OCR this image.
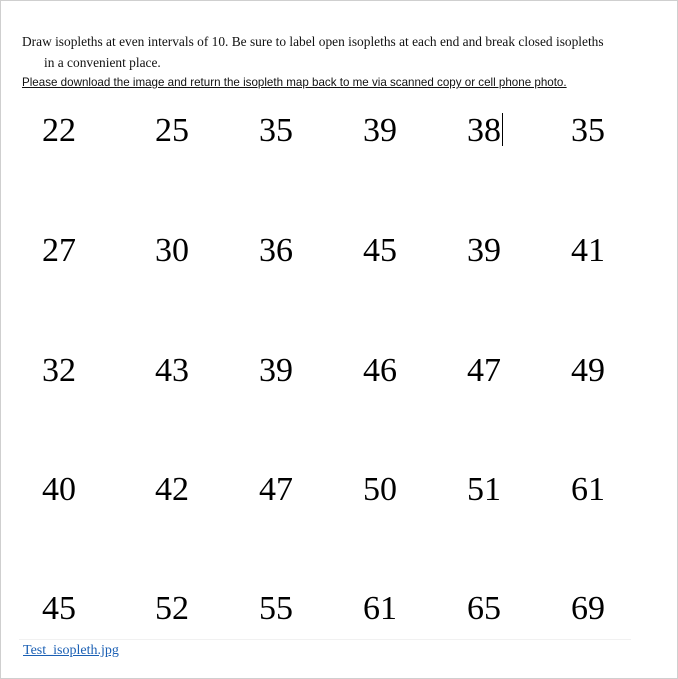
Draw isopleths at even intervals of 10. Be sure to label open isopleths at each end and break closed isopleths
in a convenient place.
Please download the image and return the isopleth map back to me via scanned copy or cell phone photo.
22	25	35	39	38	35
27	30	36	45	39	41
32	43	39	46	47	49
40	42	47	50	51	61
45	52	55	61	65	69
Test_isopleth.jpg
